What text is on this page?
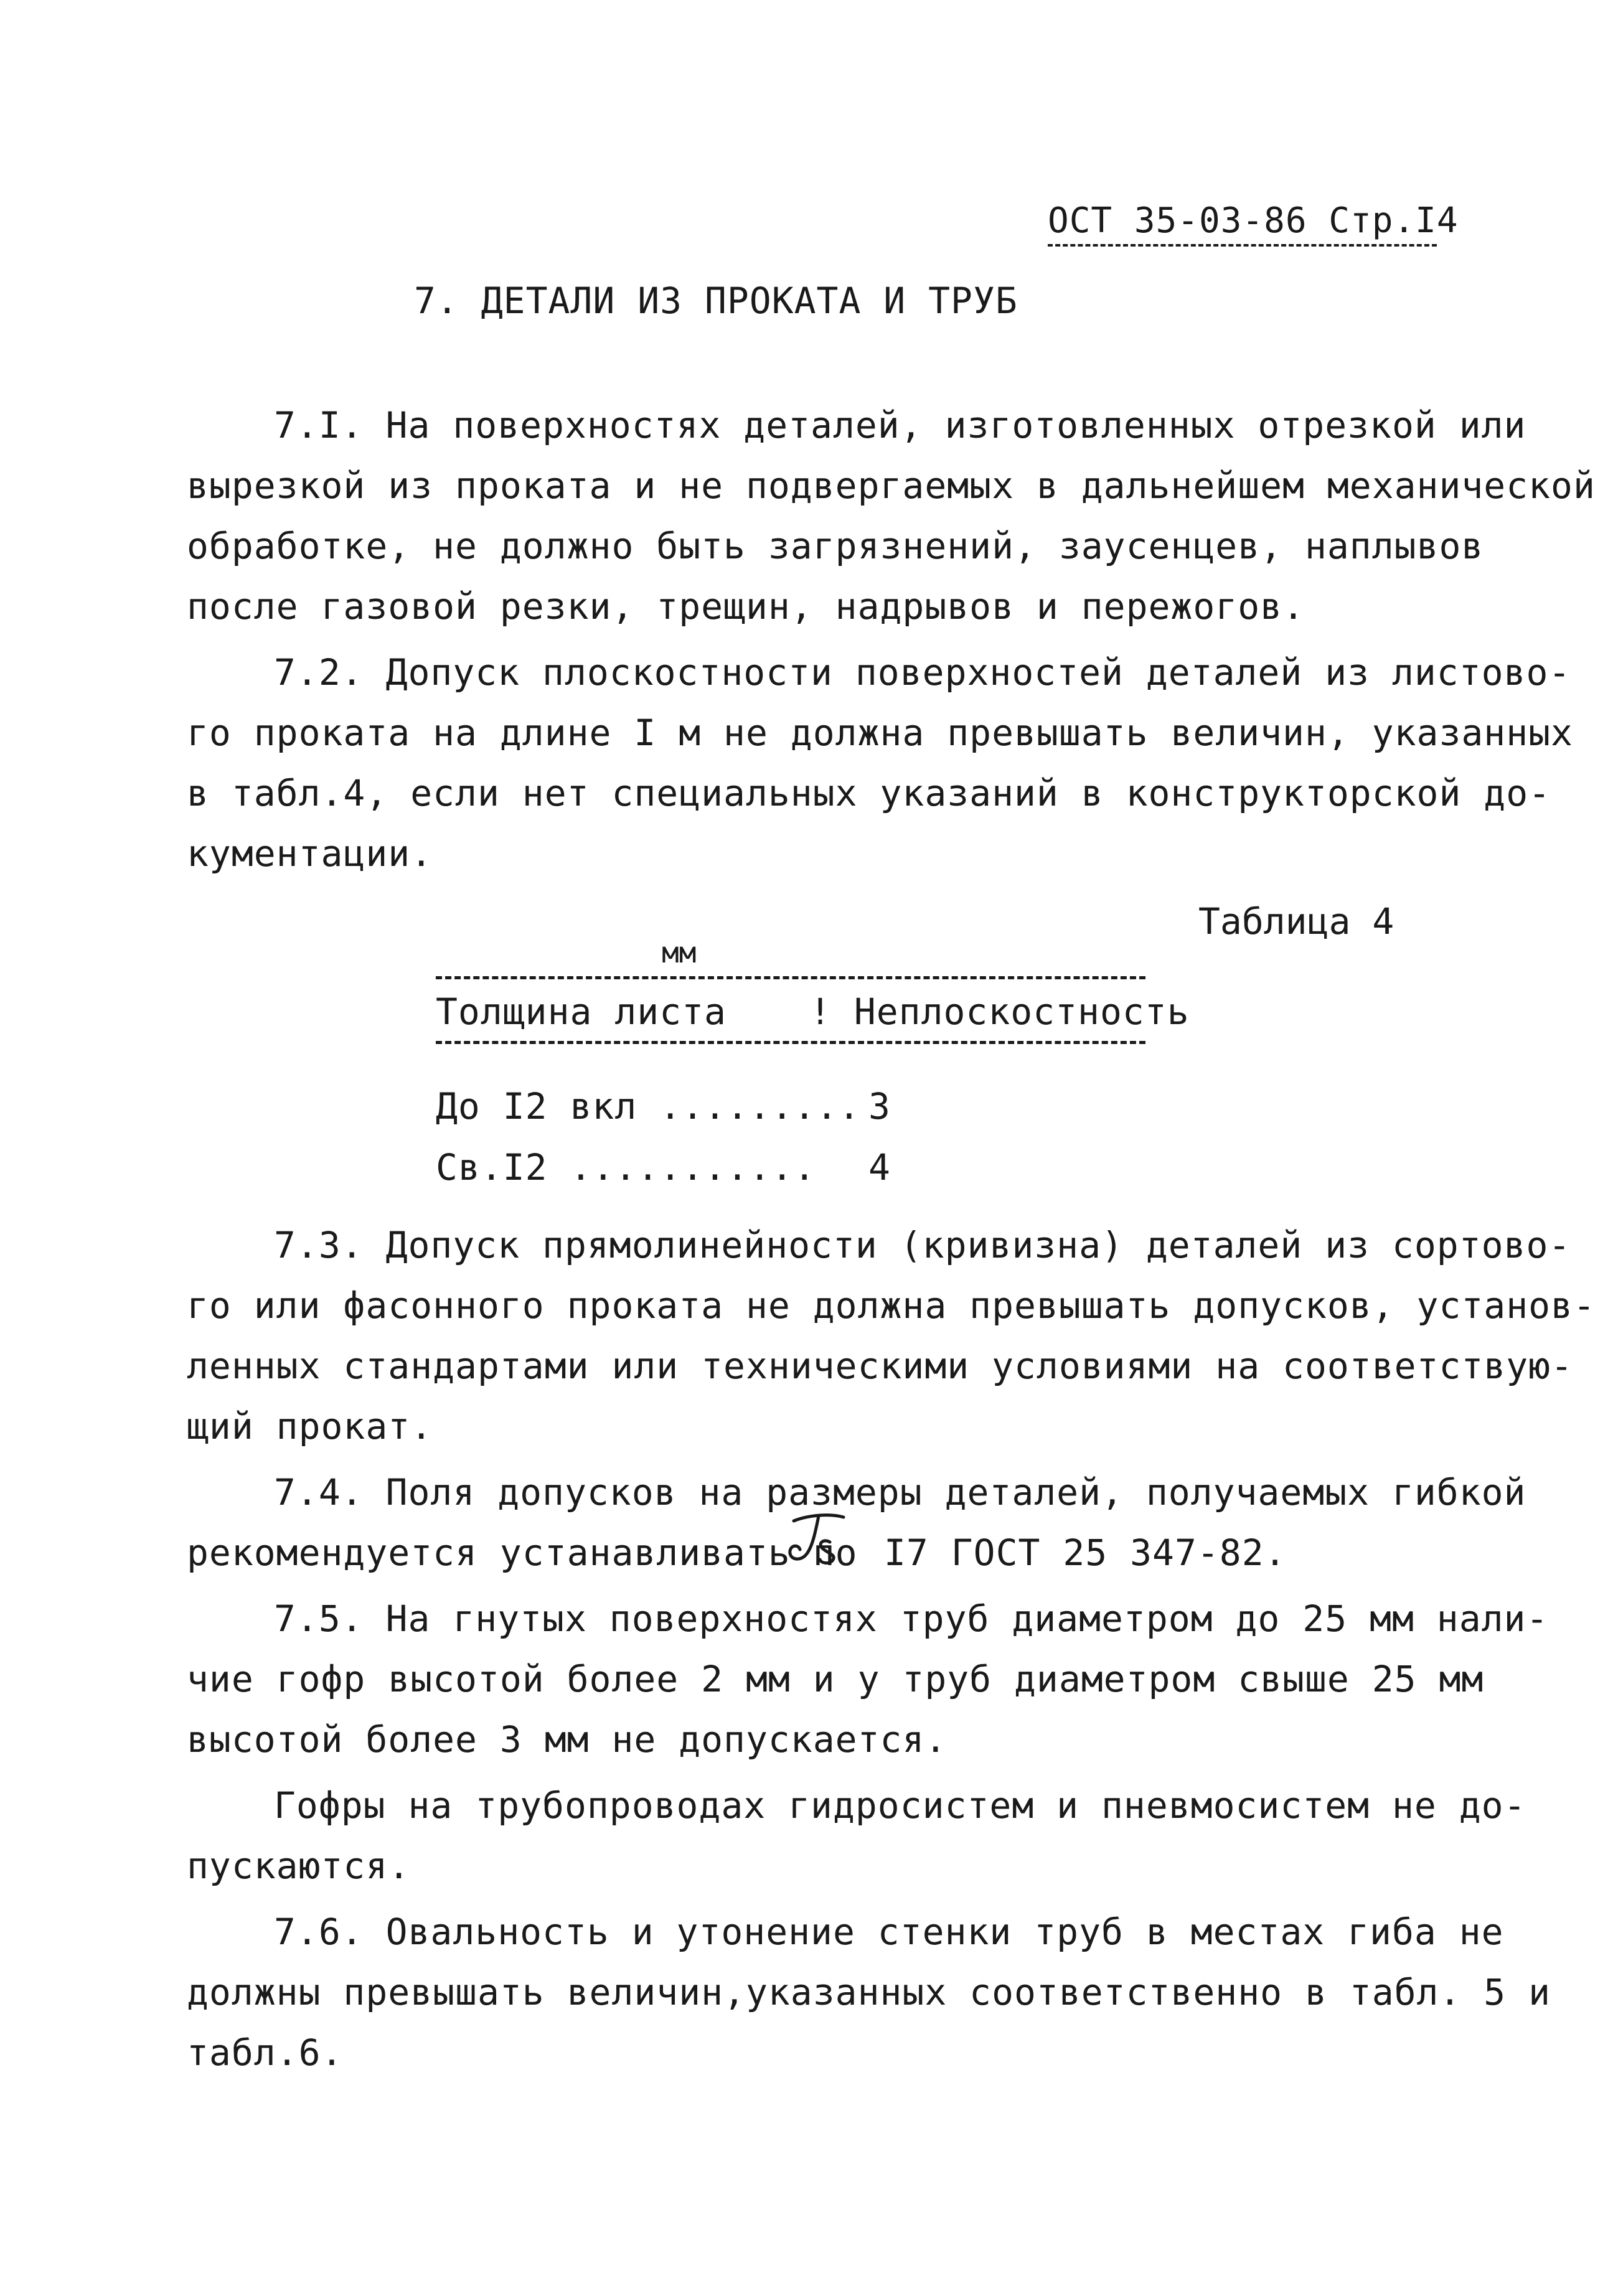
ОСТ 35-03-86 Стр.I4
7. ДЕТАЛИ ИЗ ПРОКАТА И ТРУБ
7.I. На поверхностях деталей, изготовленных отрезкой или
вырезкой из проката и не подвергаемых в дальнейшем механической
обработке, не должно быть загрязнений, заусенцев, наплывов
после газовой резки, трещин, надрывов и пережогов.
7.2. Допуск плоскостности поверхностей деталей из листово-
го проката на длине I м не должна превышать величин, указанных
в табл.4, если нет специальных указаний в конструкторской до-
кументации.
Таблица 4
мм
Толщина листа ! Неплоскостность
До I2 вкл ......... 3
Св.I2 ........... 4
7.3. Допуск прямолинейности (кривизна) деталей из сортово-
го или фасонного проката не должна превышать допусков, установ-
ленных стандартами или техническими условиями на соответствую-
щий прокат.
7.4. Поля допусков на размеры деталей, получаемых гибкой
рекомендуется устанавливать по I7 ГОСТ 25 347-82.
7.5. На гнутых поверхностях труб диаметром до 25 мм нали-
чие гофр высотой более 2 мм и у труб диаметром свыше 25 мм
высотой более 3 мм не допускается.
Гофры на трубопроводах гидросистем и пневмосистем не до-
пускаются.
7.6. Овальность и утонение стенки труб в местах гиба не
должны превышать величин,указанных соответственно в табл. 5 и
табл.6.
